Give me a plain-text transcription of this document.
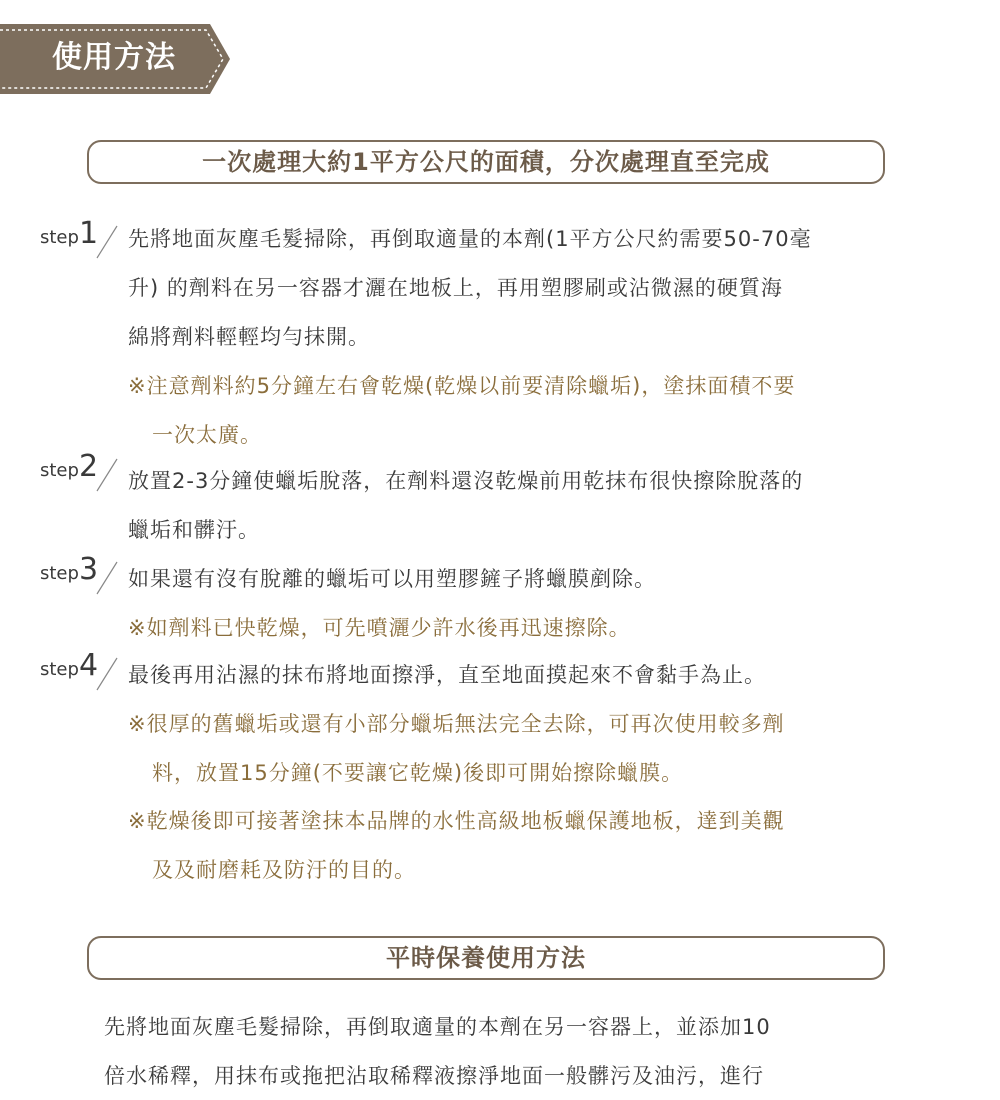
使用方法
一次處理大約1平方公尺的面積，分次處理直至完成
step1 先將地面灰塵毛髮掃除，再倒取適量的本劑(1平方公尺約需要50-70毫
升) 的劑料在另一容器才灑在地板上，再用塑膠刷或沾微濕的硬質海
綿將劑料輕輕均勻抹開。
※注意劑料約5分鐘左右會乾燥(乾燥以前要清除蠟垢)，塗抹面積不要
一次太廣。
step2 放置2-3分鐘使蠟垢脫落，在劑料還沒乾燥前用乾抹布很快擦除脫落的
蠟垢和髒汙。
step3 如果還有沒有脫離的蠟垢可以用塑膠鏟子將蠟膜剷除。
※如劑料已快乾燥，可先噴灑少許水後再迅速擦除。
step4 最後再用沾濕的抹布將地面擦淨，直至地面摸起來不會黏手為止。
※很厚的舊蠟垢或還有小部分蠟垢無法完全去除，可再次使用較多劑
料，放置15分鐘(不要讓它乾燥)後即可開始擦除蠟膜。
※乾燥後即可接著塗抹本品牌的水性高級地板蠟保護地板，達到美觀
及及耐磨耗及防汙的目的。
平時保養使用方法
先將地面灰塵毛髮掃除，再倒取適量的本劑在另一容器上，並添加10
倍水稀釋，用抹布或拖把沾取稀釋液擦淨地面一般髒污及油污，進行
